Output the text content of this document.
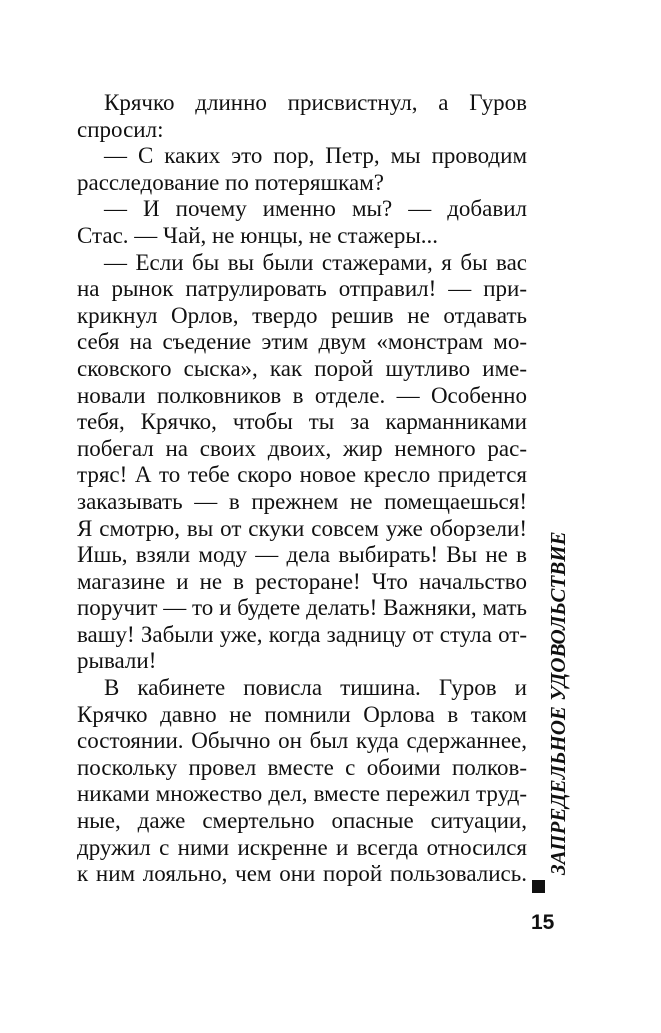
Крячко длинно присвистнул, а Гуров
спросил:
— С каких это пор, Петр, мы проводим
расследование по потеряшкам?
— И почему именно мы? — добавил
Стас. — Чай, не юнцы, не стажеры...
— Если бы вы были стажерами, я бы вас
на рынок патрулировать отправил! — при-
крикнул Орлов, твердо решив не отдавать
себя на съедение этим двум «монстрам мо-
сковского сыска», как порой шутливо име-
новали полковников в отделе. — Особенно
тебя, Крячко, чтобы ты за карманниками
побегал на своих двоих, жир немного рас-
тряс! А то тебе скоро новое кресло придется
заказывать — в прежнем не помещаешься!
Я смотрю, вы от скуки совсем уже оборзели!
Ишь, взяли моду — дела выбирать! Вы не в
магазине и не в ресторане! Что начальство
поручит — то и будете делать! Важняки, мать
вашу! Забыли уже, когда задницу от стула от-
рывали!
В кабинете повисла тишина. Гуров и
Крячко давно не помнили Орлова в таком
состоянии. Обычно он был куда сдержаннее,
поскольку провел вместе с обоими полков-
никами множество дел, вместе пережил труд-
ные, даже смертельно опасные ситуации,
дружил с ними искренне и всегда относился
к ним лояльно, чем они порой пользовались. ЗАПРЕДЕЛЬНОЕ УДОВОЛЬСТВИЕ
15
